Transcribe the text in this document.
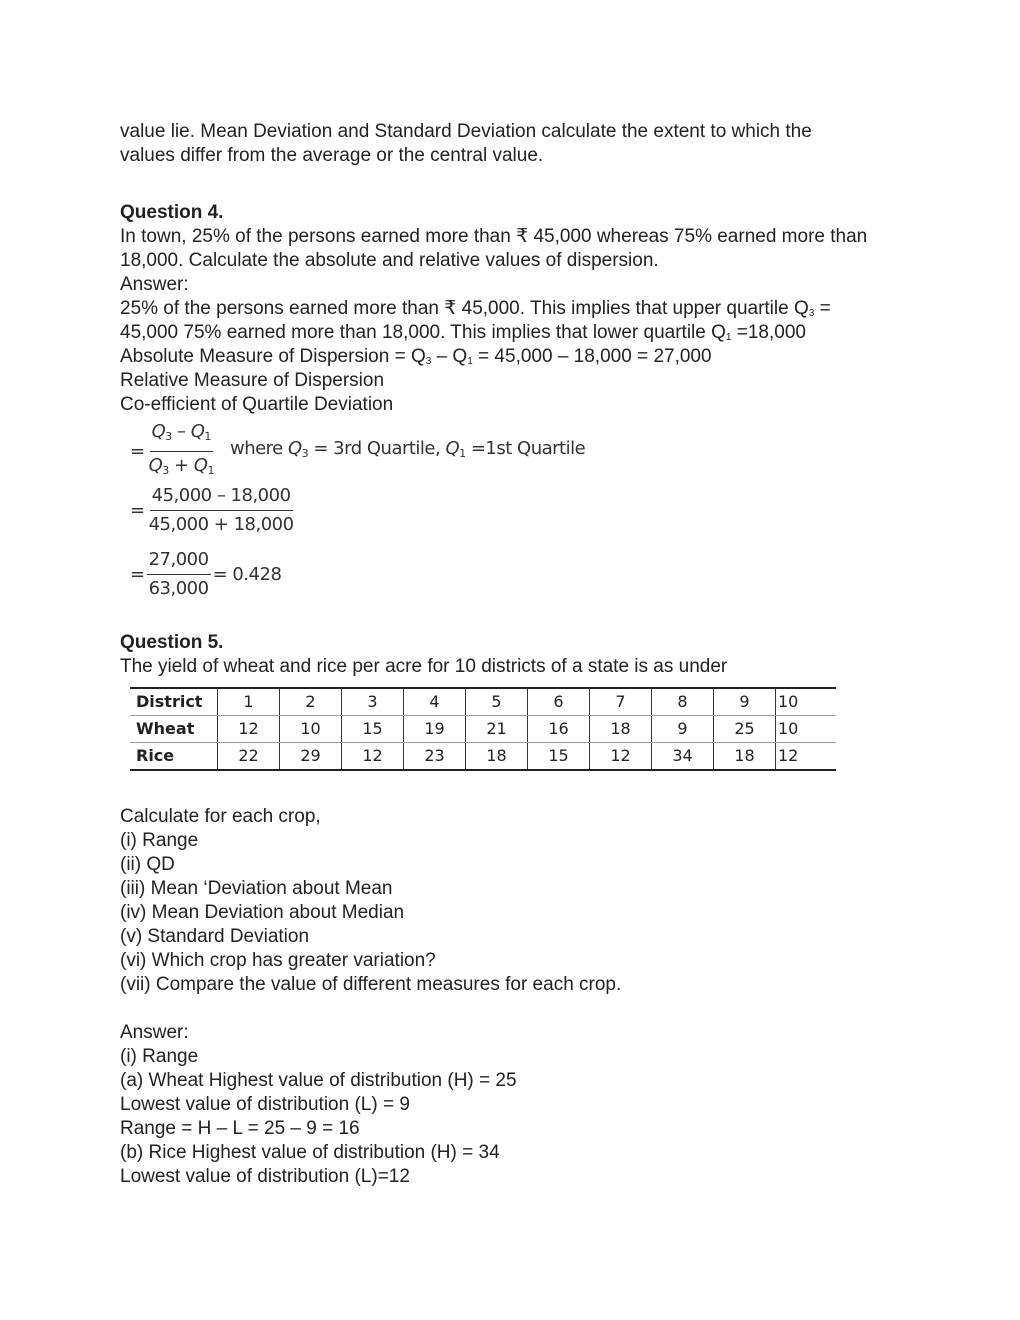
value lie. Mean Deviation and Standard Deviation calculate the extent to which the
values differ from the average or the central value.
Question 4.
In town, 25% of the persons earned more than ₹ 45,000 whereas 75% earned more than
18,000. Calculate the absolute and relative values of dispersion.
Answer:
25% of the persons earned more than ₹ 45,000. This implies that upper quartile $Q_3$ =
45,000 75% earned more than 18,000. This implies that lower quartile $Q_1 =18,000$
Absolute Measure of Dispersion = $Q_3 - Q_1 = 45,000 - 18,000 = 27,000$
Relative Measure of Dispersion
Co-efficient of Quartile Deviation
= $\frac{Q3 - Q1}{Q3 + Q1}$ where Q3 = 3rd Quartile, Q1 =1st Quartile
= $\frac{45,000 - 18,000}{45,000 + 18,000}$
= $\frac{27,000}{63,000} = 0.428$
Question 5.
The yield of wheat and rice per acre for 10 districts of a state is as under
District	1	2	3	4	5	6	7	8	9	10
Wheat	12	10	15	19	21	16	18	9	25	10
Rice	22	29	12	23	18	15	12	34	18	12
Calculate for each crop,
(i) Range
(ii) QD
(iii) Mean ‘Deviation about Mean
(iv) Mean Deviation about Median
(v) Standard Deviation
(vi) Which crop has greater variation?
(vii) Compare the value of different measures for each crop.
Answer:
(i) Range
(a) Wheat Highest value of distribution (H) = 25
Lowest value of distribution (L) = 9
Range = H – L = 25 – 9 = 16
(b) Rice Highest value of distribution (H) = 34
Lowest value of distribution (L)=12
